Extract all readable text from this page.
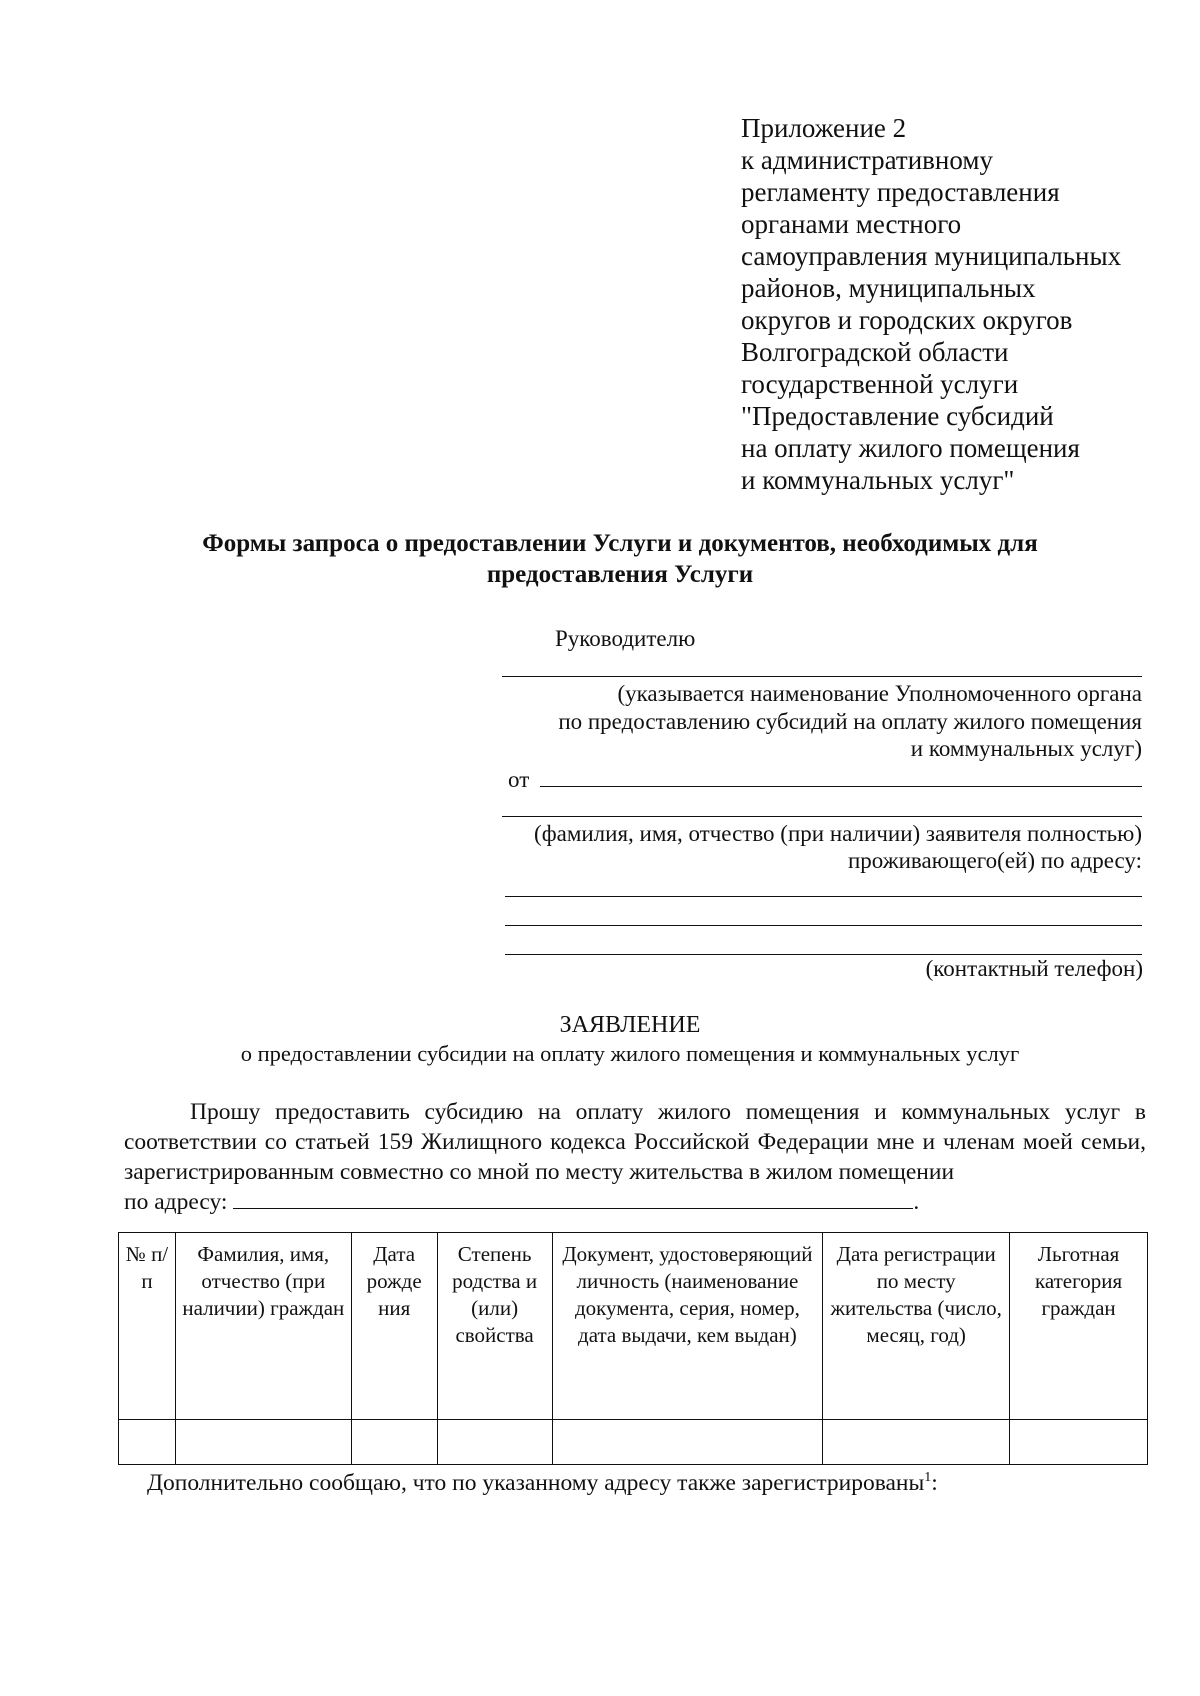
Приложение 2
к административному
регламенту предоставления
органами местного
самоуправления муниципальных
районов, муниципальных
округов и городских округов
Волгоградской области
государственной услуги
"Предоставление субсидий
на оплату жилого помещения
и коммунальных услуг"
Формы запроса о предоставлении Услуги и документов, необходимых для
предоставления Услуги
Руководителю
(указывается наименование Уполномоченного органа
по предоставлению субсидий на оплату жилого помещения
и коммунальных услуг)
от
(фамилия, имя, отчество (при наличии) заявителя полностью)
проживающего(ей) по адресу:
(контактный телефон)
ЗАЯВЛЕНИЕ
о предоставлении субсидии на оплату жилого помещения и коммунальных услуг

Прошу предоставить субсидию на оплату жилого помещения и коммунальных услуг в соответствии со статьей 159 Жилищного кодекса Российской Федерации мне и членам моей семьи, зарегистрированным совместно со мной по месту жительства в жилом помещении

по адресу:	.

№ п/п	Фамилия, имя, отчество (при наличии) граждан	Дата рожде ния	Степень родства и (или) свойства	Документ, удостоверяющий личность (наименование документа, серия, номер, дата выдачи, кем выдан)	Дата регистрации по месту жительства (число, месяц, год)	Льготная категория граждан

Дополнительно сообщаю, что по указанному адресу также зарегистрированы$^1$:
